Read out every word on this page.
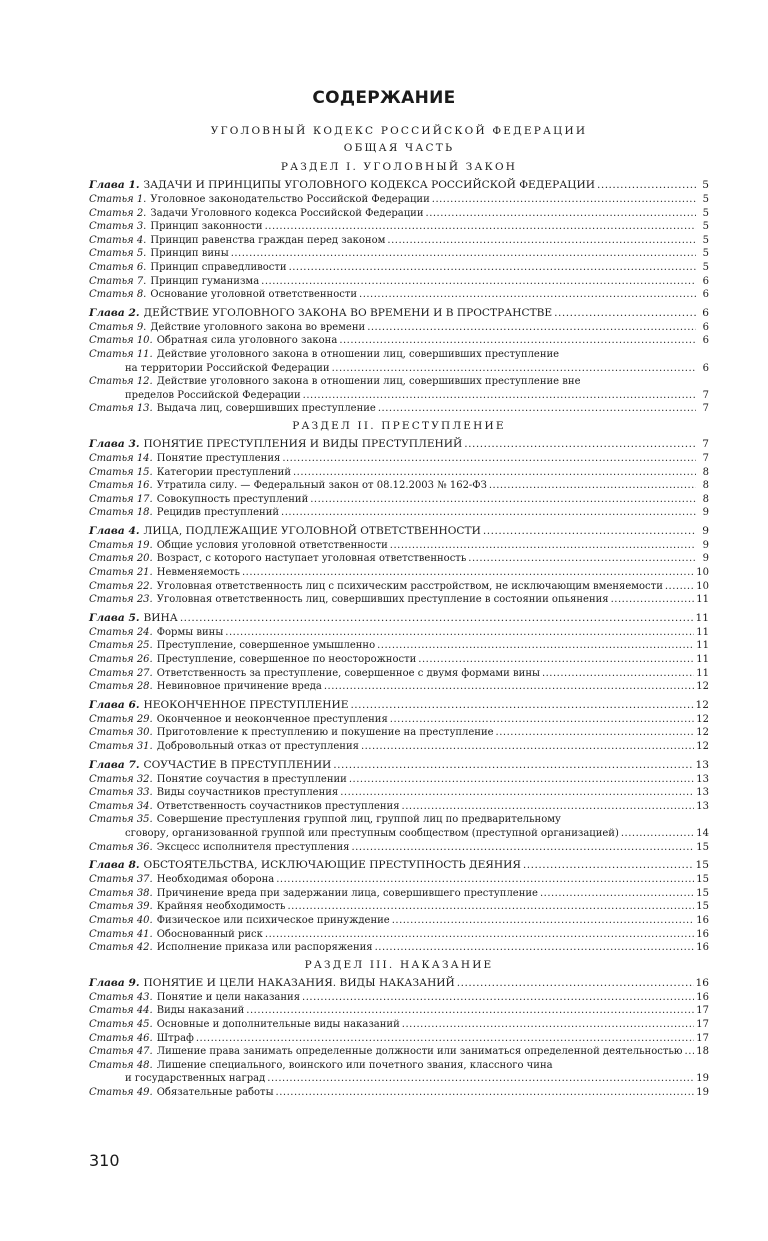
СОДЕРЖАНИЕ
УГОЛОВНЫЙ КОДЕКС РОССИЙСКОЙ ФЕДЕРАЦИИ
ОБЩАЯ ЧАСТЬ
РАЗДЕЛ I. УГОЛОВНЫЙ ЗАКОН
Глава 1. ЗАДАЧИ И ПРИНЦИПЫ УГОЛОВНОГО КОДЕКСА РОССИЙСКОЙ ФЕДЕРАЦИИ .....	5
Статья 1. Уголовное законодательство Российской Федерации .....	5
Статья 2. Задачи Уголовного кодекса Российской Федерации .....	5
Статья 3. Принцип законности .....	5
Статья 4. Принцип равенства граждан перед законом .....	5
Статья 5. Принцип вины .....	5
Статья 6. Принцип справедливости .....	5
Статья 7. Принцип гуманизма .....	6
Статья 8. Основание уголовной ответственности .....	6
Глава 2. ДЕЙСТВИЕ УГОЛОВНОГО ЗАКОНА ВО ВРЕМЕНИ И В ПРОСТРАНСТВЕ .....	6
Статья 9. Действие уголовного закона во времени .....	6
Статья 10. Обратная сила уголовного закона .....	6
Статья 11. Действие уголовного закона в отношении лиц, совершивших преступление
на территории Российской Федерации .....	6
Статья 12. Действие уголовного закона в отношении лиц, совершивших преступление вне
пределов Российской Федерации .....	7
Статья 13. Выдача лиц, совершивших преступление .....	7
РАЗДЕЛ II. ПРЕСТУПЛЕНИЕ
Глава 3. ПОНЯТИЕ ПРЕСТУПЛЕНИЯ И ВИДЫ ПРЕСТУПЛЕНИЙ .....	7
Статья 14. Понятие преступления .....	7
Статья 15. Категории преступлений .....	8
Статья 16. Утратила силу. — Федеральный закон от 08.12.2003 № 162-ФЗ .....	8
Статья 17. Совокупность преступлений .....	8
Статья 18. Рецидив преступлений .....	9
Глава 4. ЛИЦА, ПОДЛЕЖАЩИЕ УГОЛОВНОЙ ОТВЕТСТВЕННОСТИ .....	9
Статья 19. Общие условия уголовной ответственности .....	9
Статья 20. Возраст, с которого наступает уголовная ответственность .....	9
Статья 21. Невменяемость .....	10
Статья 22. Уголовная ответственность лиц с психическим расстройством, не исключающим вменяемости .....	10
Статья 23. Уголовная ответственность лиц, совершивших преступление в состоянии опьянения .....	11
Глава 5. ВИНА .....	11
Статья 24. Формы вины .....	11
Статья 25. Преступление, совершенное умышленно .....	11
Статья 26. Преступление, совершенное по неосторожности .....	11
Статья 27. Ответственность за преступление, совершенное с двумя формами вины .....	11
Статья 28. Невиновное причинение вреда .....	12
Глава 6. НЕОКОНЧЕННОЕ ПРЕСТУПЛЕНИЕ .....	12
Статья 29. Оконченное и неоконченное преступления .....	12
Статья 30. Приготовление к преступлению и покушение на преступление .....	12
Статья 31. Добровольный отказ от преступления .....	12
Глава 7. СОУЧАСТИЕ В ПРЕСТУПЛЕНИИ .....	13
Статья 32. Понятие соучастия в преступлении .....	13
Статья 33. Виды соучастников преступления .....	13
Статья 34. Ответственность соучастников преступления .....	13
Статья 35. Совершение преступления группой лиц, группой лиц по предварительному
сговору, организованной группой или преступным сообществом (преступной организацией) .....	14
Статья 36. Эксцесс исполнителя преступления .....	15
Глава 8. ОБСТОЯТЕЛЬСТВА, ИСКЛЮЧАЮЩИЕ ПРЕСТУПНОСТЬ ДЕЯНИЯ .....	15
Статья 37. Необходимая оборона .....	15
Статья 38. Причинение вреда при задержании лица, совершившего преступление .....	15
Статья 39. Крайняя необходимость .....	15
Статья 40. Физическое или психическое принуждение .....	16
Статья 41. Обоснованный риск .....	16
Статья 42. Исполнение приказа или распоряжения .....	16
РАЗДЕЛ III. НАКАЗАНИЕ
Глава 9. ПОНЯТИЕ И ЦЕЛИ НАКАЗАНИЯ. ВИДЫ НАКАЗАНИЙ .....	16
Статья 43. Понятие и цели наказания .....	16
Статья 44. Виды наказаний .....	17
Статья 45. Основные и дополнительные виды наказаний .....	17
Статья 46. Штраф .....	17
Статья 47. Лишение права занимать определенные должности или заниматься определенной деятельностью ..... 18
Статья 48. Лишение специального, воинского или почетного звания, классного чина
и государственных наград .....	19
Статья 49. Обязательные работы .....	19
310
